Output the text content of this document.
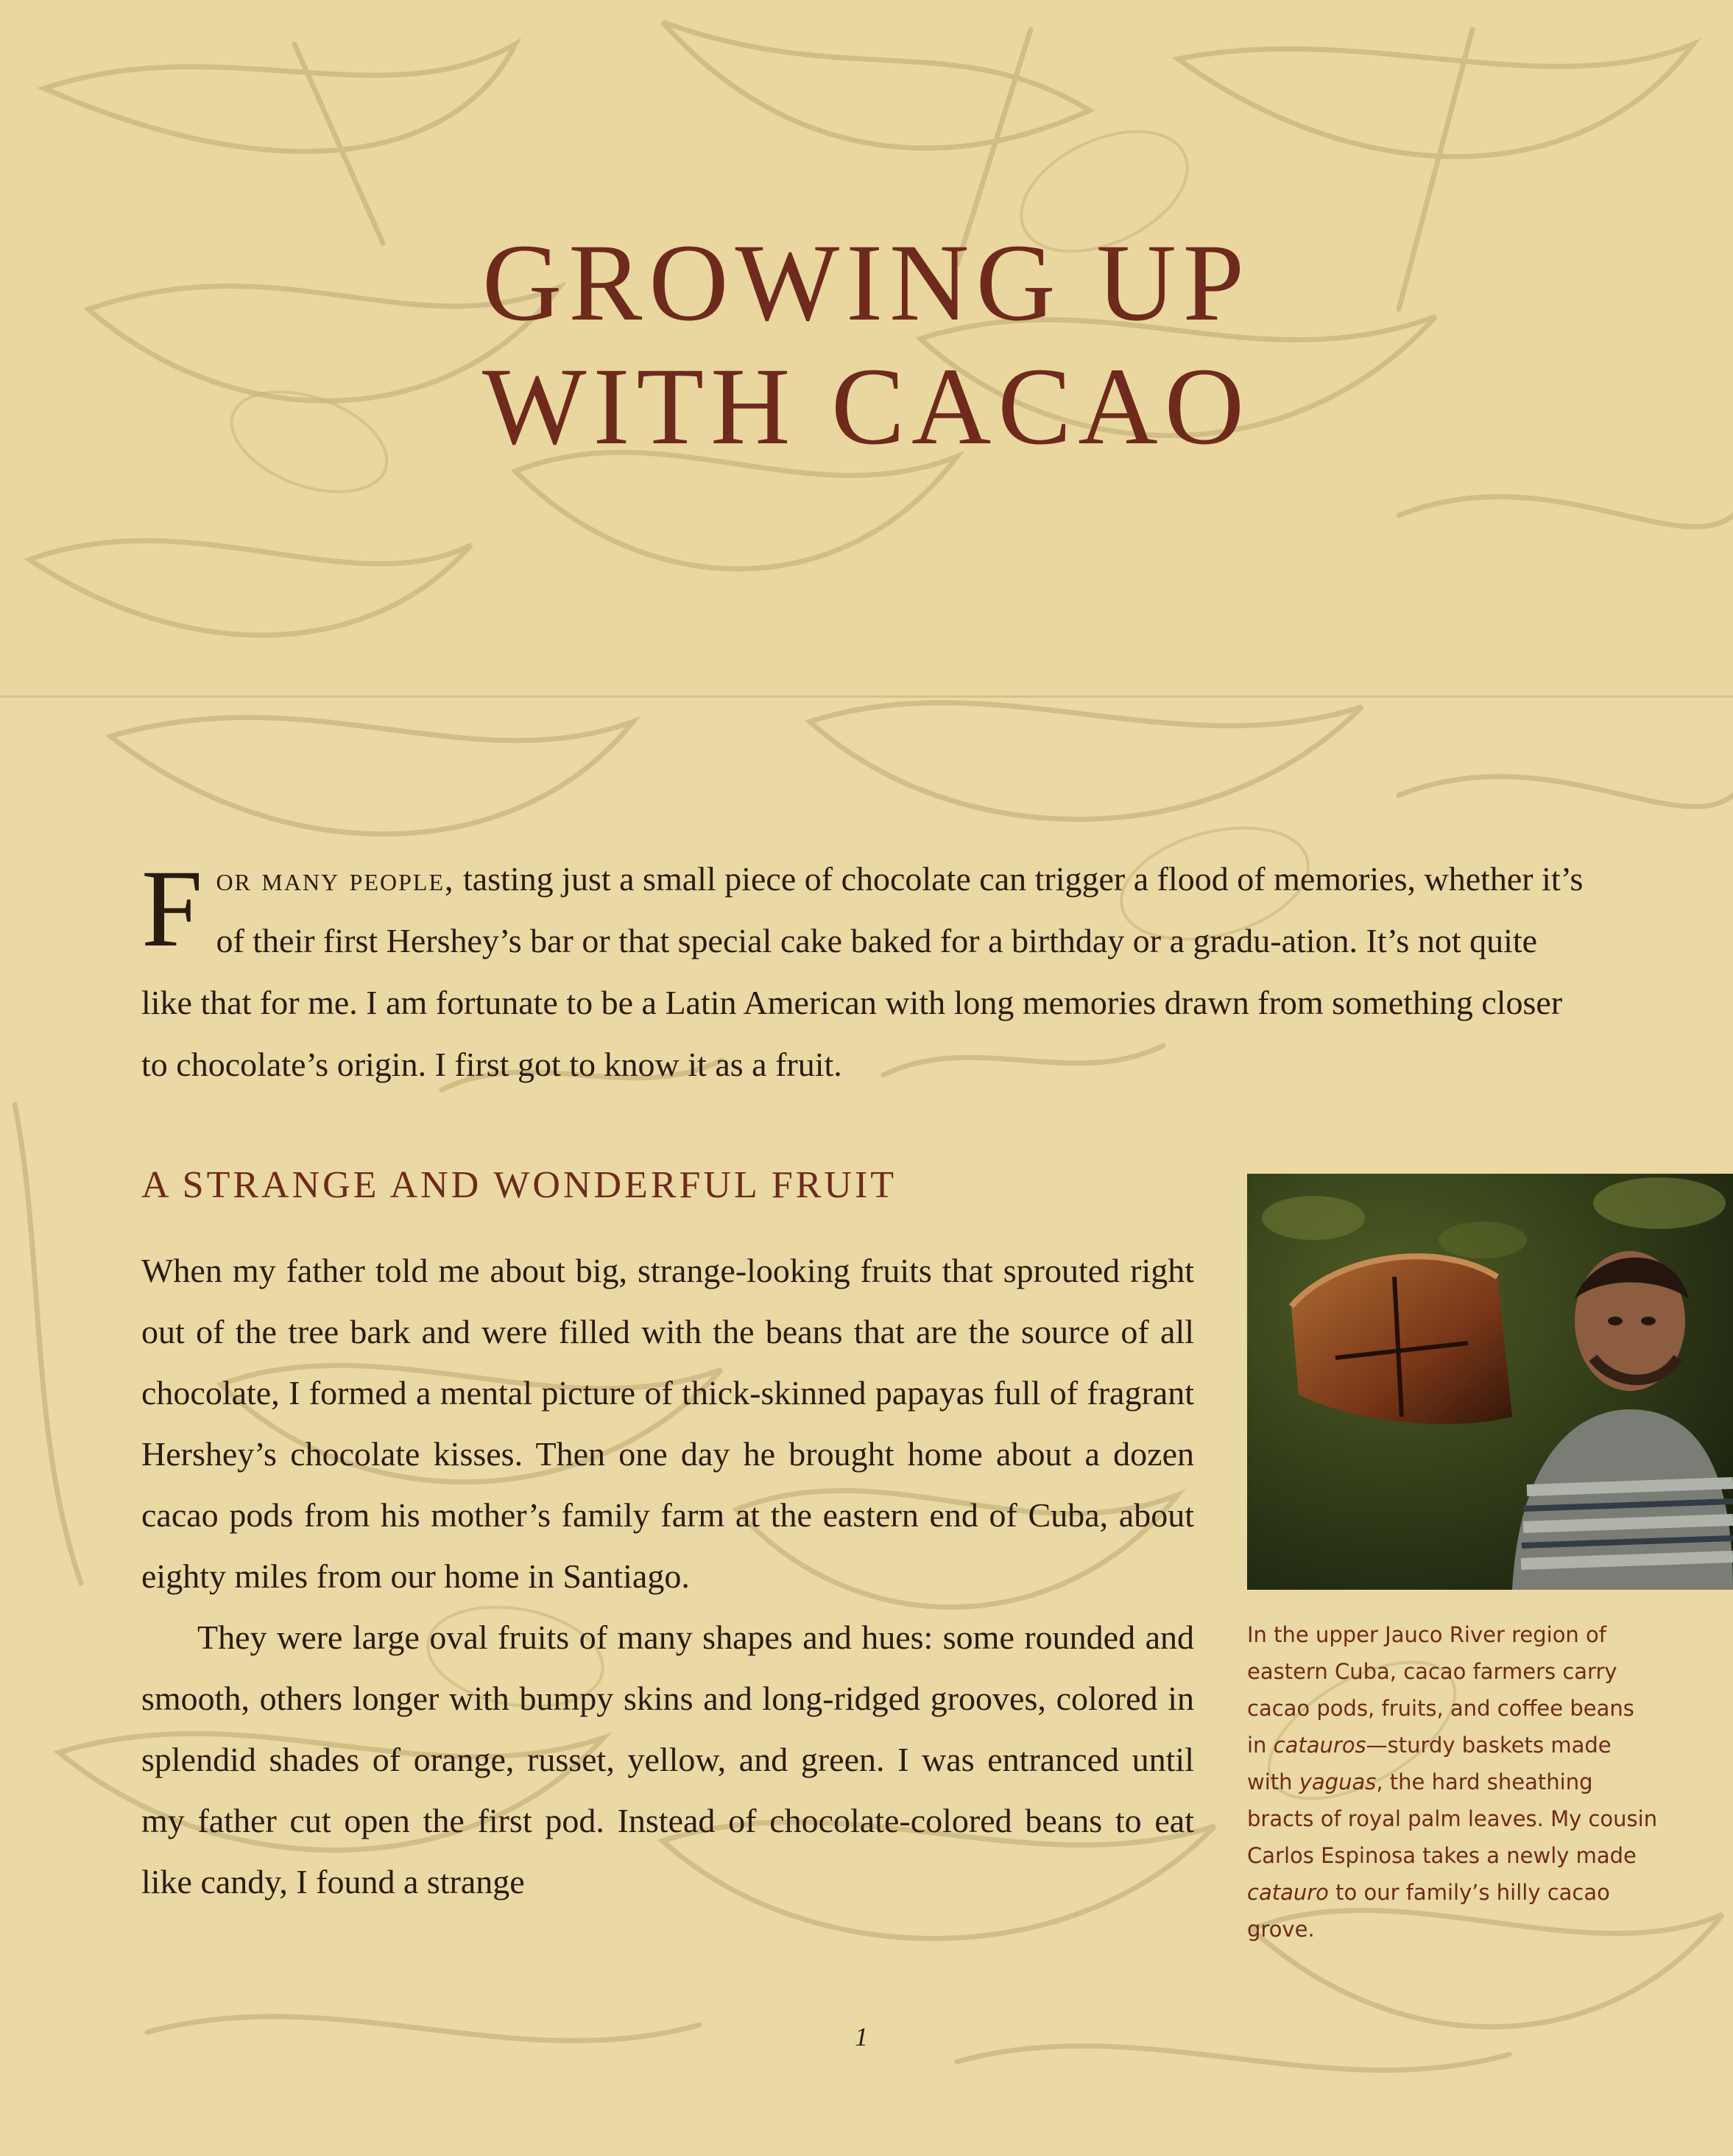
GROWING UP
WITH CACAO

For many people, tasting just a small piece of chocolate can trigger a flood of memories, whether it’s of their first Hershey’s bar or that special cake baked for a birthday or a gradu-ation. It’s not quite like that for me. I am fortunate to be a Latin American with long memories drawn from something closer to chocolate’s origin. I first got to know it as a fruit.

A STRANGE AND WONDERFUL FRUIT

When my father told me about big, strange-looking fruits that sprouted right out of the tree bark and were filled with the beans that are the source of all chocolate, I formed a mental picture of thick-skinned papayas full of fragrant Hershey’s chocolate kisses. Then one day he brought home about a dozen cacao pods from his mother’s family farm at the eastern end of Cuba, about eighty miles from our home in Santiago.

They were large oval fruits of many shapes and hues: some rounded and smooth, others longer with bumpy skins and long-ridged grooves, colored in splendid shades of orange, russet, yellow, and green. I was entranced until my father cut open the first pod. Instead of chocolate-colored beans to eat like candy, I found a strange

In the upper Jauco River region of eastern Cuba, cacao farmers carry cacao pods, fruits, and coffee beans in catauros—sturdy baskets made with yaguas, the hard sheathing bracts of royal palm leaves. My cousin Carlos Espinosa takes a newly made catauro to our family’s hilly cacao grove.

1
